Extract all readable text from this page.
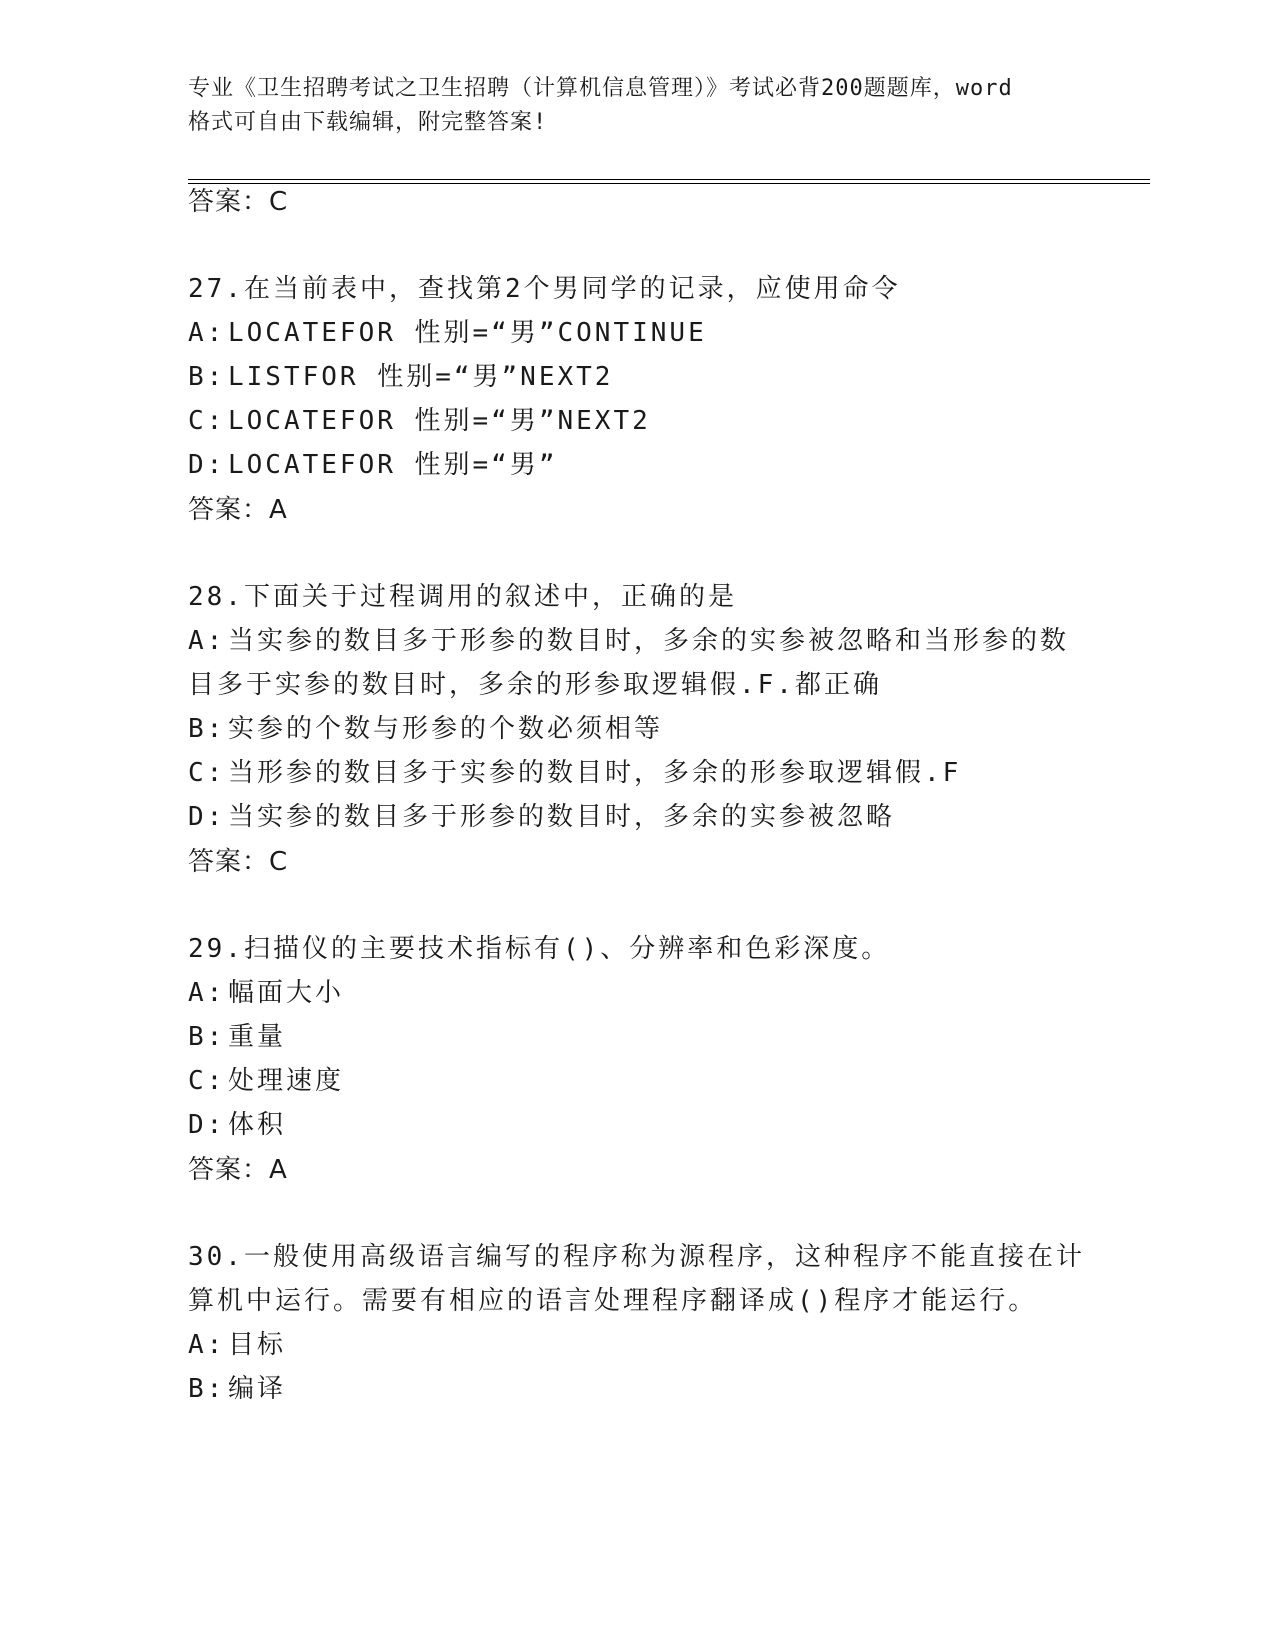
专业《卫生招聘考试之卫生招聘（计算机信息管理）》考试必背200题题库，word
格式可自由下载编辑，附完整答案!
答案：C
27.在当前表中，查找第2个男同学的记录，应使用命令
A: LOCATEFOR 性别=“男”CONTINUE
B: LISTFOR 性别=“男”NEXT2
C: LOCATEFOR 性别=“男”NEXT2
D: LOCATEFOR 性别=“男”
答案：A
28.下面关于过程调用的叙述中，正确的是
A: 当实参的数目多于形参的数目时，多余的实参被忽略和当形参的数
目多于实参的数目时，多余的形参取逻辑假.F.都正确
B: 实参的个数与形参的个数必须相等
C: 当形参的数目多于实参的数目时，多余的形参取逻辑假.F
D: 当实参的数目多于形参的数目时，多余的实参被忽略
答案：C
29.扫描仪的主要技术指标有()、分辨率和色彩深度。
A: 幅面大小
B: 重量
C: 处理速度
D: 体积
答案：A
30.一般使用高级语言编写的程序称为源程序，这种程序不能直接在计
算机中运行。需要有相应的语言处理程序翻译成()程序才能运行。
A: 目标
B: 编译
